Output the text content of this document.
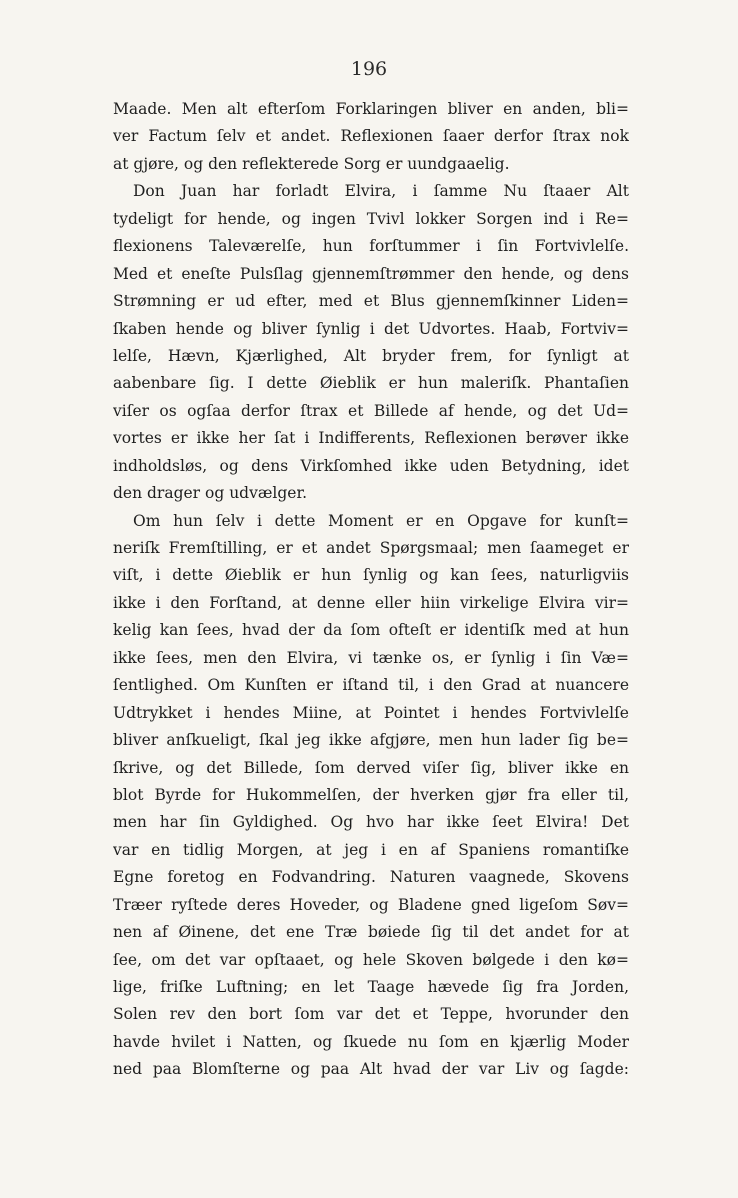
196
Maade. Men alt efterſom Forklaringen bliver en anden, bli=
ver Factum ſelv et andet. Reflexionen ſaaer derfor ſtrax nok
at gjøre, og den reflekterede Sorg er uundgaaelig.
Don Juan har forladt Elvira, i ſamme Nu ſtaaer Alt
tydeligt for hende, og ingen Tvivl lokker Sorgen ind i Re=
flexionens Taleværelſe, hun forſtummer i ſin Fortvivlelſe.
Med et eneſte Pulsſlag gjennemſtrømmer den hende, og dens
Strømning er ud efter, med et Blus gjennemſkinner Liden=
ſkaben hende og bliver ſynlig i det Udvortes. Haab, Fortviv=
lelſe, Hævn, Kjærlighed, Alt bryder frem, for ſynligt at
aabenbare ſig. I dette Øieblik er hun maleriſk. Phantaſien
viſer os ogſaa derfor ſtrax et Billede af hende, og det Ud=
vortes er ikke her ſat i Indifferents, Reflexionen berøver ikke
indholdsløs, og dens Virkſomhed ikke uden Betydning, idet
den drager og udvælger.
Om hun ſelv i dette Moment er en Opgave for kunſt=
neriſk Fremſtilling, er et andet Spørgsmaal; men ſaameget er
viſt, i dette Øieblik er hun ſynlig og kan ſees, naturligviis
ikke i den Forſtand, at denne eller hiin virkelige Elvira vir=
kelig kan ſees, hvad der da ſom ofteſt er identiſk med at hun
ikke ſees, men den Elvira, vi tænke os, er ſynlig i ſin Væ=
ſentlighed. Om Kunſten er iſtand til, i den Grad at nuancere
Udtrykket i hendes Miine, at Pointet i hendes Fortvivlelſe
bliver anſkueligt, ſkal jeg ikke afgjøre, men hun lader ſig be=
ſkrive, og det Billede, ſom derved viſer ſig, bliver ikke en
blot Byrde for Hukommelſen, der hverken gjør fra eller til,
men har ſin Gyldighed. Og hvo har ikke ſeet Elvira! Det
var en tidlig Morgen, at jeg i en af Spaniens romantiſke
Egne foretog en Fodvandring. Naturen vaagnede, Skovens
Træer ryſtede deres Hoveder, og Bladene gned ligeſom Søv=
nen af Øinene, det ene Træ bøiede ſig til det andet for at
ſee, om det var opſtaaet, og hele Skoven bølgede i den kø=
lige, friſke Luftning; en let Taage hævede ſig fra Jorden,
Solen rev den bort ſom var det et Teppe, hvorunder den
havde hvilet i Natten, og ſkuede nu ſom en kjærlig Moder
ned paa Blomſterne og paa Alt hvad der var Liv og ſagde:
